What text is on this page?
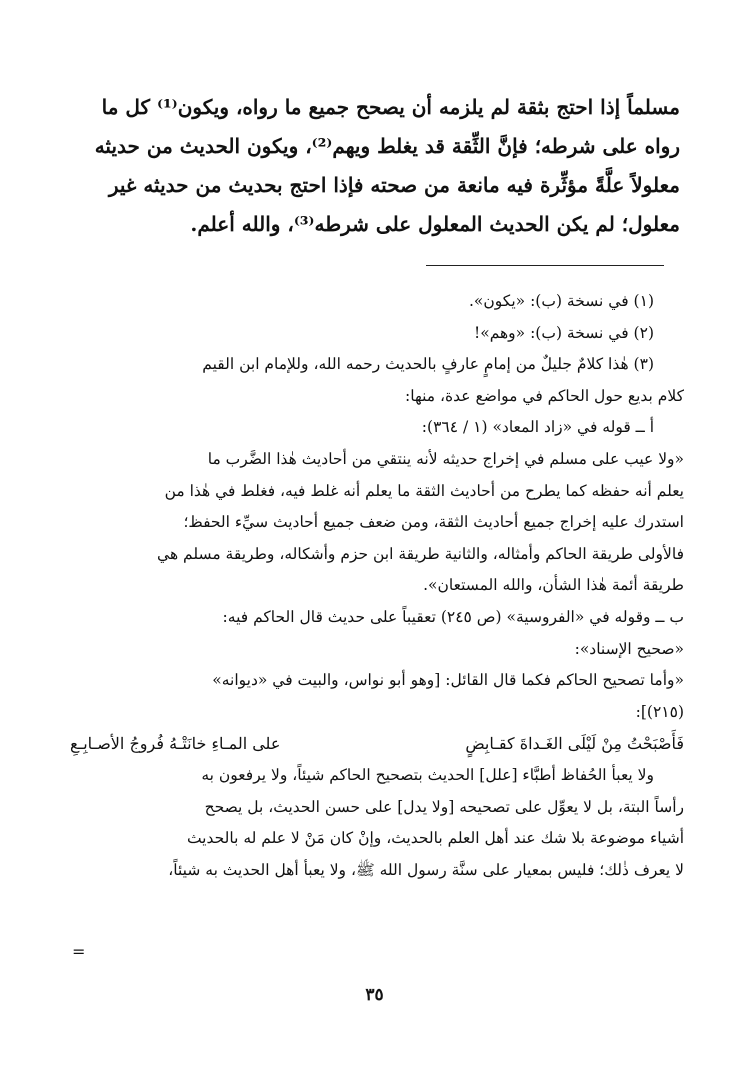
مسلماً إذا احتج بثقة لم يلزمه أن يصحح جميع ما رواه، ويكون⁽¹⁾ كل ما

رواه على شرطه؛ فإنَّ الثِّقة قد يغلط ويهم⁽²⁾، ويكون الحديث من حديثه

معلولاً علَّةً مؤثِّرة فيه مانعة من صحته فإذا احتج بحديث من حديثه غير

معلول؛ لم يكن الحديث المعلول على شرطه⁽³⁾، والله أعلم.

(١) في نسخة (ب): «يكون».

(٢) في نسخة (ب): «وهم»!

(٣) هٰذا كلامٌ جليلٌ من إمامٍ عارفٍ بالحديث رحمه الله، وللإمام ابن القيم

كلام بديع حول الحاكم في مواضع عدة، منها:

أ ــ قوله في «زاد المعاد» (١ / ٣٦٤):

«ولا عيب على مسلم في إخراج حديثه لأنه ينتقي من أحاديث هٰذا الضَّرب ما

يعلم أنه حفظه كما يطرح من أحاديث الثقة ما يعلم أنه غلط فيه، فغلط في هٰذا من

استدرك عليه إخراج جميع أحاديث الثقة، ومن ضعف جميع أحاديث سيِّء الحفظ؛

فالأولى طريقة الحاكم وأمثاله، والثانية طريقة ابن حزم وأشكاله، وطريقة مسلم هي

طريقة أئمة هٰذا الشأن، والله المستعان».

ب ــ وقوله في «الفروسية» (ص ٢٤٥) تعقيباً على حديث قال الحاكم فيه:

«صحيح الإسناد»:

«وأما تصحيح الحاكم فكما قال القائل: [وهو أبو نواس، والبيت في «ديوانه»

(٢١٥)]:

فَأَصْبَحْتُ مِنْ لَيْلَى الغَـداةَ كقـابِضٍ
على المـاءِ خانَتْـهُ فُروجُ الأصـابِـعِ

ولا يعبأ الحُفاظ أطبَّاء [علل] الحديث بتصحيح الحاكم شيئاً، ولا يرفعون به

رأساً البتة، بل لا يعوِّل على تصحيحه [ولا يدل] على حسن الحديث، بل يصحح

أشياء موضوعة بلا شك عند أهل العلم بالحديث، وإنْ كان مَنْ لا علم له بالحديث

لا يعرف ذٰلك؛ فليس بمعيار على سنَّة رسول الله ﷺ، ولا يعبأ أهل الحديث به شيئاً،

=
٣٥
